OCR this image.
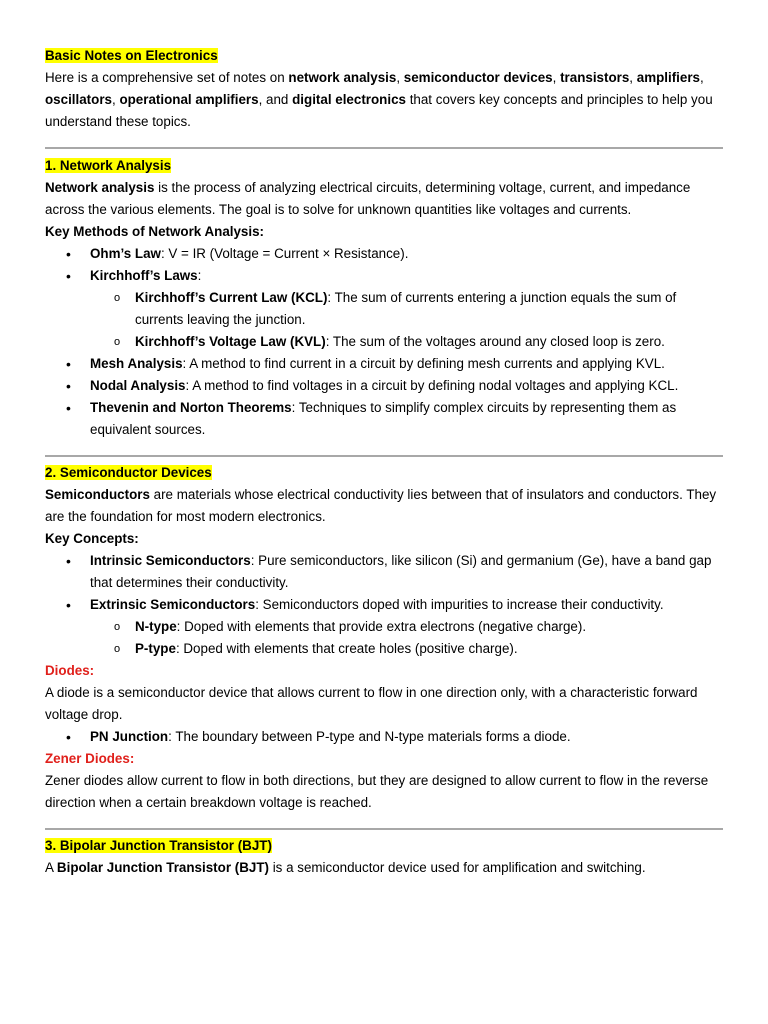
Basic Notes on Electronics

Here is a comprehensive set of notes on network analysis, semiconductor devices, transistors, amplifiers, oscillators, operational amplifiers, and digital electronics that covers key concepts and principles to help you understand these topics.

1. Network Analysis

Network analysis is the process of analyzing electrical circuits, determining voltage, current, and impedance across the various elements. The goal is to solve for unknown quantities like voltages and currents.

Key Methods of Network Analysis:

• Ohm’s Law: V = IR (Voltage = Current × Resistance).
• Kirchhoff’s Laws:
o Kirchhoff’s Current Law (KCL): The sum of currents entering a junction equals the sum of currents leaving the junction.
o Kirchhoff’s Voltage Law (KVL): The sum of the voltages around any closed loop is zero.
• Mesh Analysis: A method to find current in a circuit by defining mesh currents and applying KVL.
• Nodal Analysis: A method to find voltages in a circuit by defining nodal voltages and applying KCL.
• Thevenin and Norton Theorems: Techniques to simplify complex circuits by representing them as equivalent sources.

2. Semiconductor Devices

Semiconductors are materials whose electrical conductivity lies between that of insulators and conductors. They are the foundation for most modern electronics.

Key Concepts:

• Intrinsic Semiconductors: Pure semiconductors, like silicon (Si) and germanium (Ge), have a band gap that determines their conductivity.
• Extrinsic Semiconductors: Semiconductors doped with impurities to increase their conductivity.
o N-type: Doped with elements that provide extra electrons (negative charge).
o P-type: Doped with elements that create holes (positive charge).

Diodes:

A diode is a semiconductor device that allows current to flow in one direction only, with a characteristic forward voltage drop.

• PN Junction: The boundary between P-type and N-type materials forms a diode.

Zener Diodes:

Zener diodes allow current to flow in both directions, but they are designed to allow current to flow in the reverse direction when a certain breakdown voltage is reached.

3. Bipolar Junction Transistor (BJT)

A Bipolar Junction Transistor (BJT) is a semiconductor device used for amplification and switching.
